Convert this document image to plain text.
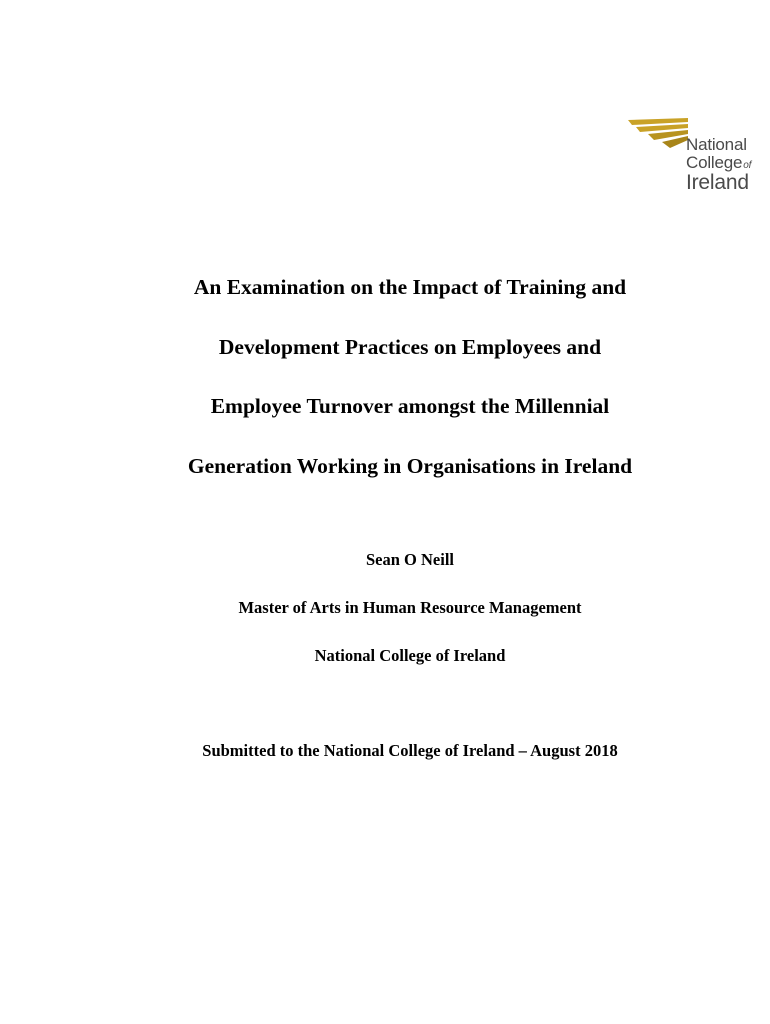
National
Collegeof
Ireland
An Examination on the Impact of Training and
Development Practices on Employees and
Employee Turnover amongst the Millennial
Generation Working in Organisations in Ireland

Sean O Neill

Master of Arts in Human Resource Management

National College of Ireland

Submitted to the National College of Ireland – August 2018
